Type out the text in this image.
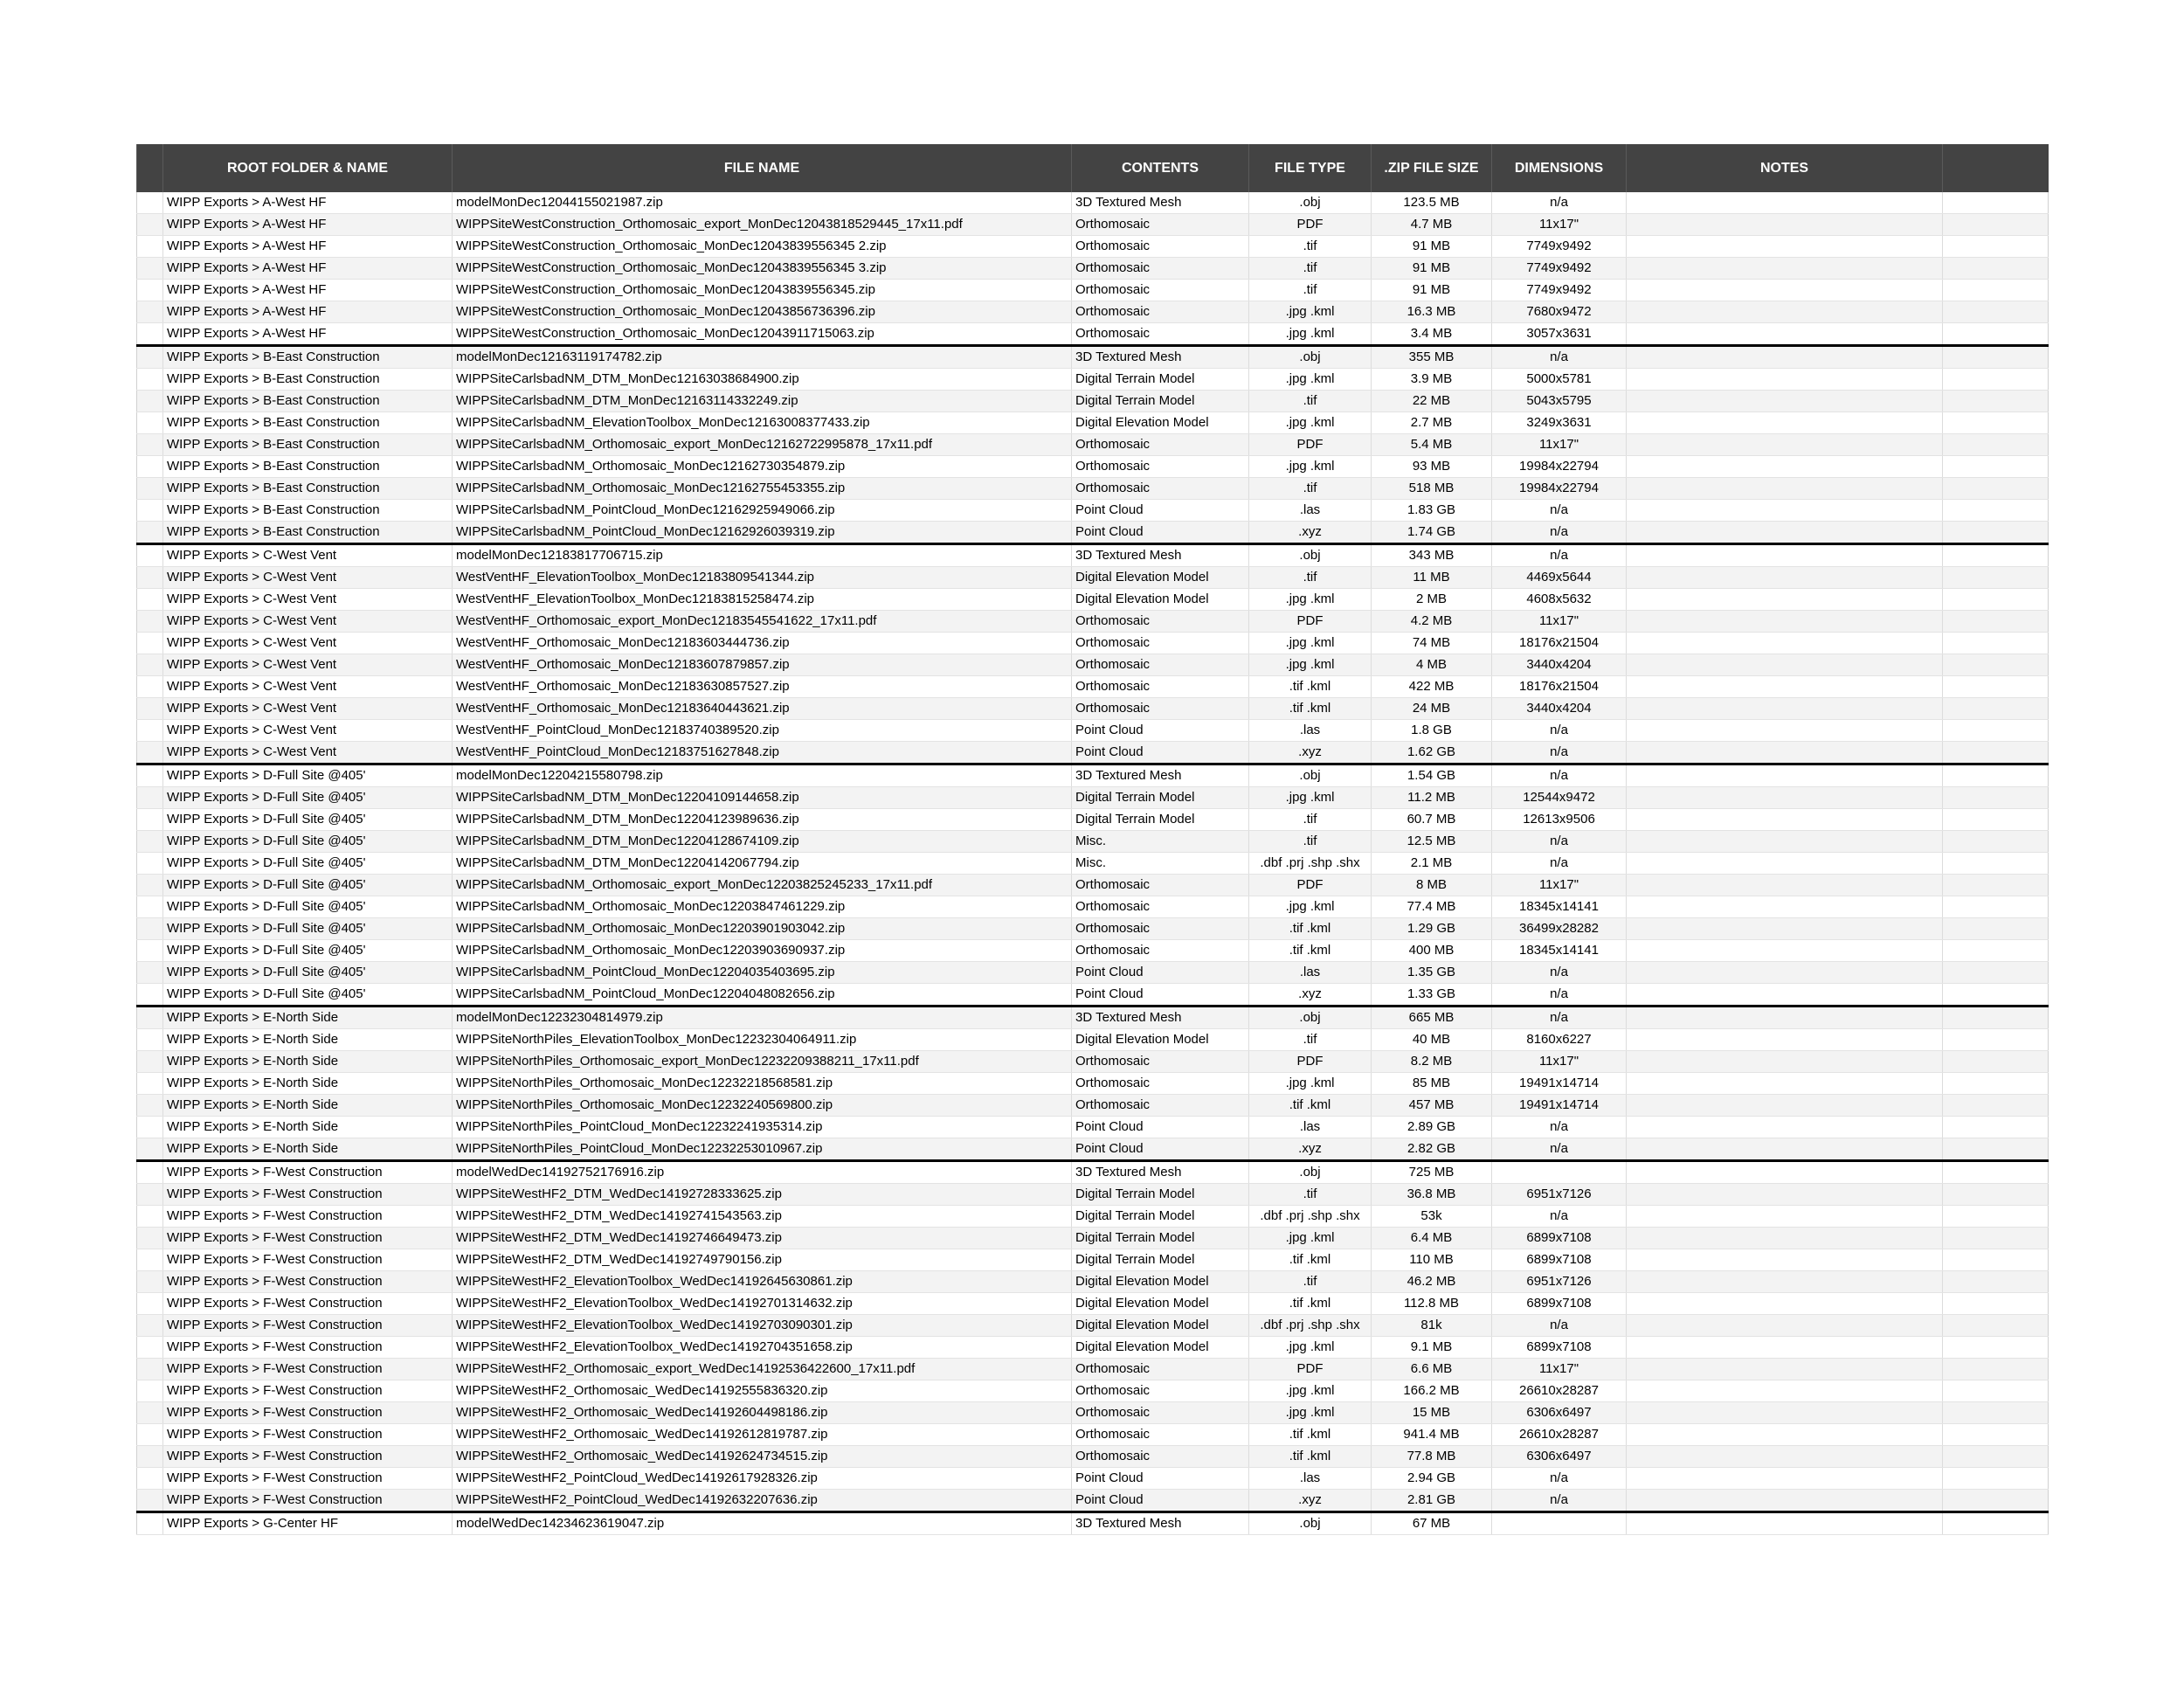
	ROOT FOLDER & NAME	FILE NAME	CONTENTS	FILE TYPE	.ZIP FILE SIZE	DIMENSIONS	NOTES	
	WIPP Exports > A-West HF	modelMonDec12044155021987.zip	3D Textured Mesh	.obj	123.5 MB	n/a		
	WIPP Exports > A-West HF	WIPPSiteWestConstruction_Orthomosaic_export_MonDec12043818529445_17x11.pdf	Orthomosaic	PDF	4.7 MB	11x17"		
	WIPP Exports > A-West HF	WIPPSiteWestConstruction_Orthomosaic_MonDec12043839556345 2.zip	Orthomosaic	.tif	91 MB	7749x9492		
	WIPP Exports > A-West HF	WIPPSiteWestConstruction_Orthomosaic_MonDec12043839556345 3.zip	Orthomosaic	.tif	91 MB	7749x9492		
	WIPP Exports > A-West HF	WIPPSiteWestConstruction_Orthomosaic_MonDec12043839556345.zip	Orthomosaic	.tif	91 MB	7749x9492		
	WIPP Exports > A-West HF	WIPPSiteWestConstruction_Orthomosaic_MonDec12043856736396.zip	Orthomosaic	.jpg .kml	16.3 MB	7680x9472		
	WIPP Exports > A-West HF	WIPPSiteWestConstruction_Orthomosaic_MonDec12043911715063.zip	Orthomosaic	.jpg .kml	3.4 MB	3057x3631		
	WIPP Exports > B-East Construction	modelMonDec12163119174782.zip	3D Textured Mesh	.obj	355 MB	n/a		
	WIPP Exports > B-East Construction	WIPPSiteCarlsbadNM_DTM_MonDec12163038684900.zip	Digital Terrain Model	.jpg .kml	3.9 MB	5000x5781		
	WIPP Exports > B-East Construction	WIPPSiteCarlsbadNM_DTM_MonDec12163114332249.zip	Digital Terrain Model	.tif	22 MB	5043x5795		
	WIPP Exports > B-East Construction	WIPPSiteCarlsbadNM_ElevationToolbox_MonDec12163008377433.zip	Digital Elevation Model	.jpg .kml	2.7 MB	3249x3631		
	WIPP Exports > B-East Construction	WIPPSiteCarlsbadNM_Orthomosaic_export_MonDec12162722995878_17x11.pdf	Orthomosaic	PDF	5.4 MB	11x17"		
	WIPP Exports > B-East Construction	WIPPSiteCarlsbadNM_Orthomosaic_MonDec12162730354879.zip	Orthomosaic	.jpg .kml	93 MB	19984x22794		
	WIPP Exports > B-East Construction	WIPPSiteCarlsbadNM_Orthomosaic_MonDec12162755453355.zip	Orthomosaic	.tif	518 MB	19984x22794		
	WIPP Exports > B-East Construction	WIPPSiteCarlsbadNM_PointCloud_MonDec12162925949066.zip	Point Cloud	.las	1.83 GB	n/a		
	WIPP Exports > B-East Construction	WIPPSiteCarlsbadNM_PointCloud_MonDec12162926039319.zip	Point Cloud	.xyz	1.74 GB	n/a		
	WIPP Exports > C-West Vent	modelMonDec12183817706715.zip	3D Textured Mesh	.obj	343 MB	n/a		
	WIPP Exports > C-West Vent	WestVentHF_ElevationToolbox_MonDec12183809541344.zip	Digital Elevation Model	.tif	11 MB	4469x5644		
	WIPP Exports > C-West Vent	WestVentHF_ElevationToolbox_MonDec12183815258474.zip	Digital Elevation Model	.jpg .kml	2 MB	4608x5632		
	WIPP Exports > C-West Vent	WestVentHF_Orthomosaic_export_MonDec12183545541622_17x11.pdf	Orthomosaic	PDF	4.2 MB	11x17"		
	WIPP Exports > C-West Vent	WestVentHF_Orthomosaic_MonDec12183603444736.zip	Orthomosaic	.jpg .kml	74 MB	18176x21504		
	WIPP Exports > C-West Vent	WestVentHF_Orthomosaic_MonDec12183607879857.zip	Orthomosaic	.jpg .kml	4 MB	3440x4204		
	WIPP Exports > C-West Vent	WestVentHF_Orthomosaic_MonDec12183630857527.zip	Orthomosaic	.tif .kml	422 MB	18176x21504		
	WIPP Exports > C-West Vent	WestVentHF_Orthomosaic_MonDec12183640443621.zip	Orthomosaic	.tif .kml	24 MB	3440x4204		
	WIPP Exports > C-West Vent	WestVentHF_PointCloud_MonDec12183740389520.zip	Point Cloud	.las	1.8 GB	n/a		
	WIPP Exports > C-West Vent	WestVentHF_PointCloud_MonDec12183751627848.zip	Point Cloud	.xyz	1.62 GB	n/a		
	WIPP Exports > D-Full Site @405'	modelMonDec12204215580798.zip	3D Textured Mesh	.obj	1.54 GB	n/a		
	WIPP Exports > D-Full Site @405'	WIPPSiteCarlsbadNM_DTM_MonDec12204109144658.zip	Digital Terrain Model	.jpg .kml	11.2 MB	12544x9472		
	WIPP Exports > D-Full Site @405'	WIPPSiteCarlsbadNM_DTM_MonDec12204123989636.zip	Digital Terrain Model	.tif	60.7 MB	12613x9506		
	WIPP Exports > D-Full Site @405'	WIPPSiteCarlsbadNM_DTM_MonDec12204128674109.zip	Misc.	.tif	12.5 MB	n/a		
	WIPP Exports > D-Full Site @405'	WIPPSiteCarlsbadNM_DTM_MonDec12204142067794.zip	Misc.	.dbf .prj .shp .shx	2.1 MB	n/a		
	WIPP Exports > D-Full Site @405'	WIPPSiteCarlsbadNM_Orthomosaic_export_MonDec12203825245233_17x11.pdf	Orthomosaic	PDF	8 MB	11x17"		
	WIPP Exports > D-Full Site @405'	WIPPSiteCarlsbadNM_Orthomosaic_MonDec12203847461229.zip	Orthomosaic	.jpg .kml	77.4 MB	18345x14141		
	WIPP Exports > D-Full Site @405'	WIPPSiteCarlsbadNM_Orthomosaic_MonDec12203901903042.zip	Orthomosaic	.tif .kml	1.29 GB	36499x28282		
	WIPP Exports > D-Full Site @405'	WIPPSiteCarlsbadNM_Orthomosaic_MonDec12203903690937.zip	Orthomosaic	.tif .kml	400 MB	18345x14141		
	WIPP Exports > D-Full Site @405'	WIPPSiteCarlsbadNM_PointCloud_MonDec12204035403695.zip	Point Cloud	.las	1.35 GB	n/a		
	WIPP Exports > D-Full Site @405'	WIPPSiteCarlsbadNM_PointCloud_MonDec12204048082656.zip	Point Cloud	.xyz	1.33 GB	n/a		
	WIPP Exports > E-North Side	modelMonDec12232304814979.zip	3D Textured Mesh	.obj	665 MB	n/a		
	WIPP Exports > E-North Side	WIPPSiteNorthPiles_ElevationToolbox_MonDec12232304064911.zip	Digital Elevation Model	.tif	40 MB	8160x6227		
	WIPP Exports > E-North Side	WIPPSiteNorthPiles_Orthomosaic_export_MonDec12232209388211_17x11.pdf	Orthomosaic	PDF	8.2 MB	11x17"		
	WIPP Exports > E-North Side	WIPPSiteNorthPiles_Orthomosaic_MonDec12232218568581.zip	Orthomosaic	.jpg .kml	85 MB	19491x14714		
	WIPP Exports > E-North Side	WIPPSiteNorthPiles_Orthomosaic_MonDec12232240569800.zip	Orthomosaic	.tif .kml	457 MB	19491x14714		
	WIPP Exports > E-North Side	WIPPSiteNorthPiles_PointCloud_MonDec12232241935314.zip	Point Cloud	.las	2.89 GB	n/a		
	WIPP Exports > E-North Side	WIPPSiteNorthPiles_PointCloud_MonDec12232253010967.zip	Point Cloud	.xyz	2.82 GB	n/a		
	WIPP Exports > F-West Construction	modelWedDec14192752176916.zip	3D Textured Mesh	.obj	725 MB			
	WIPP Exports > F-West Construction	WIPPSiteWestHF2_DTM_WedDec14192728333625.zip	Digital Terrain Model	.tif	36.8 MB	6951x7126		
	WIPP Exports > F-West Construction	WIPPSiteWestHF2_DTM_WedDec14192741543563.zip	Digital Terrain Model	.dbf .prj .shp .shx	53k	n/a		
	WIPP Exports > F-West Construction	WIPPSiteWestHF2_DTM_WedDec14192746649473.zip	Digital Terrain Model	.jpg .kml	6.4 MB	6899x7108		
	WIPP Exports > F-West Construction	WIPPSiteWestHF2_DTM_WedDec14192749790156.zip	Digital Terrain Model	.tif .kml	110 MB	6899x7108		
	WIPP Exports > F-West Construction	WIPPSiteWestHF2_ElevationToolbox_WedDec14192645630861.zip	Digital Elevation Model	.tif	46.2 MB	6951x7126		
	WIPP Exports > F-West Construction	WIPPSiteWestHF2_ElevationToolbox_WedDec14192701314632.zip	Digital Elevation Model	.tif .kml	112.8 MB	6899x7108		
	WIPP Exports > F-West Construction	WIPPSiteWestHF2_ElevationToolbox_WedDec14192703090301.zip	Digital Elevation Model	.dbf .prj .shp .shx	81k	n/a		
	WIPP Exports > F-West Construction	WIPPSiteWestHF2_ElevationToolbox_WedDec14192704351658.zip	Digital Elevation Model	.jpg .kml	9.1 MB	6899x7108		
	WIPP Exports > F-West Construction	WIPPSiteWestHF2_Orthomosaic_export_WedDec14192536422600_17x11.pdf	Orthomosaic	PDF	6.6 MB	11x17"		
	WIPP Exports > F-West Construction	WIPPSiteWestHF2_Orthomosaic_WedDec14192555836320.zip	Orthomosaic	.jpg .kml	166.2 MB	26610x28287		
	WIPP Exports > F-West Construction	WIPPSiteWestHF2_Orthomosaic_WedDec14192604498186.zip	Orthomosaic	.jpg .kml	15 MB	6306x6497		
	WIPP Exports > F-West Construction	WIPPSiteWestHF2_Orthomosaic_WedDec14192612819787.zip	Orthomosaic	.tif .kml	941.4 MB	26610x28287		
	WIPP Exports > F-West Construction	WIPPSiteWestHF2_Orthomosaic_WedDec14192624734515.zip	Orthomosaic	.tif .kml	77.8 MB	6306x6497		
	WIPP Exports > F-West Construction	WIPPSiteWestHF2_PointCloud_WedDec14192617928326.zip	Point Cloud	.las	2.94 GB	n/a		
	WIPP Exports > F-West Construction	WIPPSiteWestHF2_PointCloud_WedDec14192632207636.zip	Point Cloud	.xyz	2.81 GB	n/a		
	WIPP Exports > G-Center HF	modelWedDec14234623619047.zip	3D Textured Mesh	.obj	67 MB			
